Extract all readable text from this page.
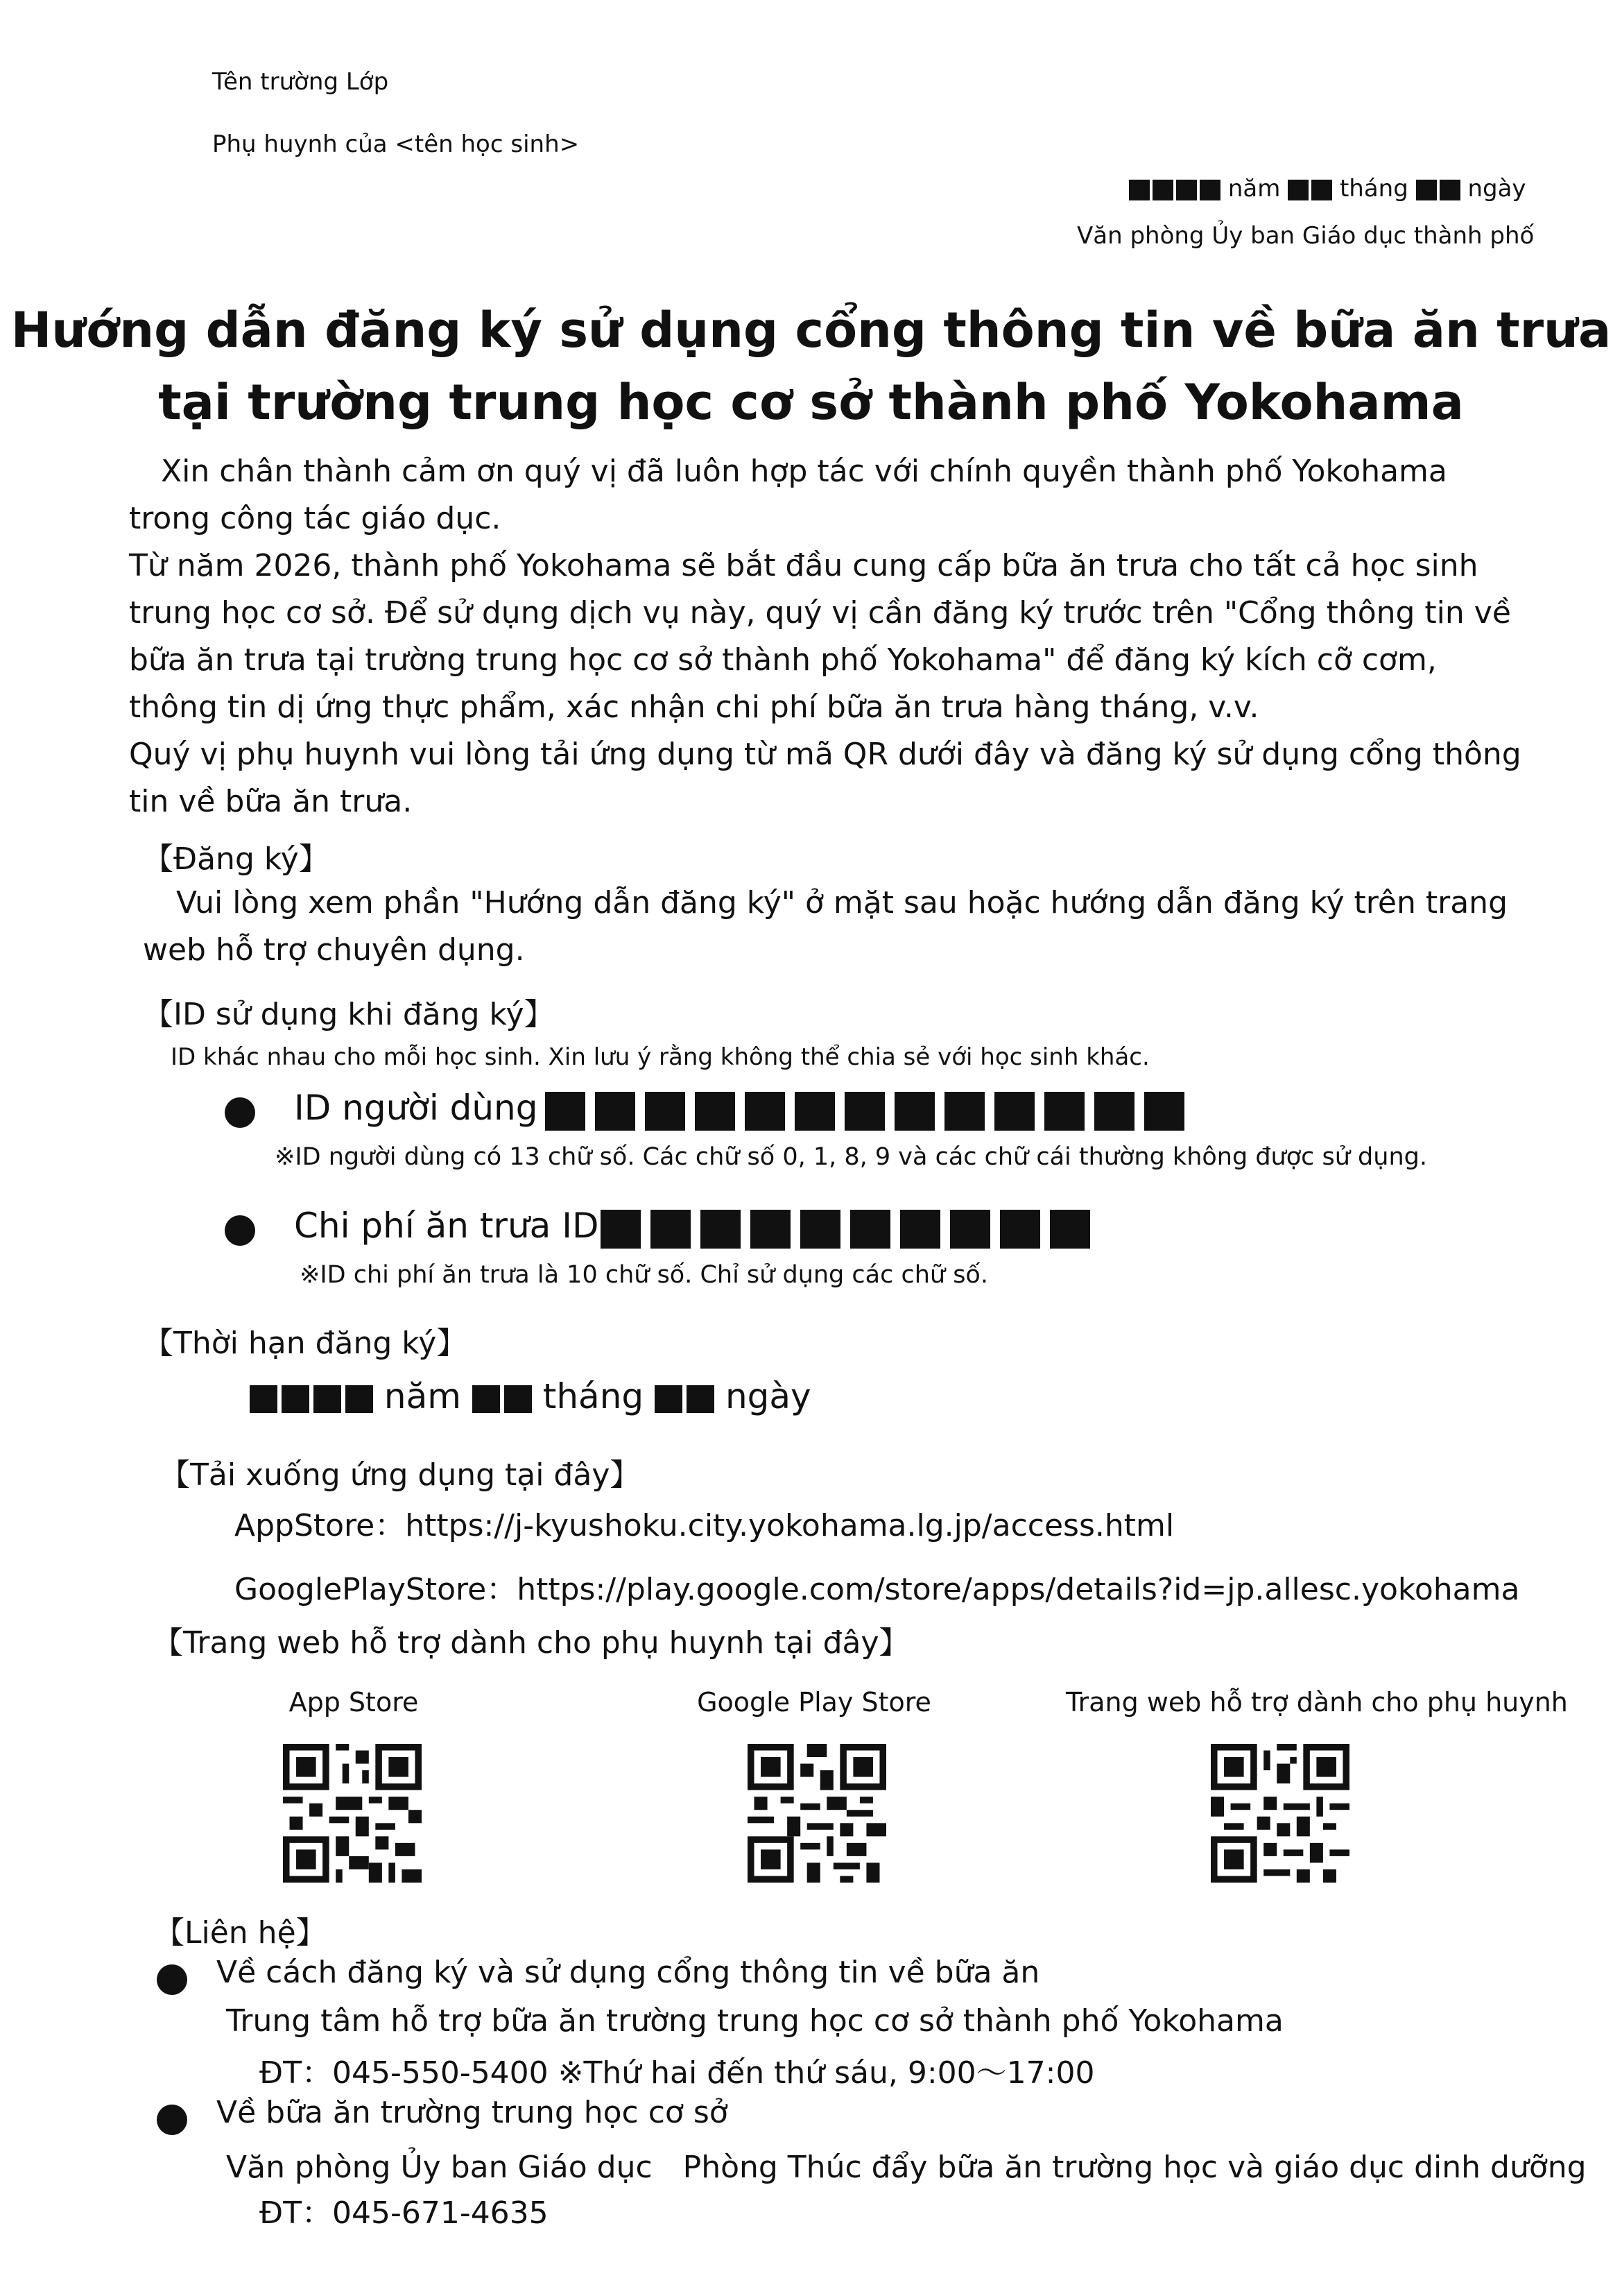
Tên trường Lớp
Phụ huynh của <tên học sinh>
năm	tháng	ngày
Văn phòng Ủy ban Giáo dục thành phố
Hướng dẫn đăng ký sử dụng cổng thông tin về bữa ăn trưa
tại trường trung học cơ sở thành phố Yokohama
Xin chân thành cảm ơn quý vị đã luôn hợp tác với chính quyền thành phố Yokohama
trong công tác giáo dục.
Từ năm 2026, thành phố Yokohama sẽ bắt đầu cung cấp bữa ăn trưa cho tất cả học sinh
trung học cơ sở. Để sử dụng dịch vụ này, quý vị cần đăng ký trước trên "Cổng thông tin về
bữa ăn trưa tại trường trung học cơ sở thành phố Yokohama" để đăng ký kích cỡ cơm,
thông tin dị ứng thực phẩm, xác nhận chi phí bữa ăn trưa hàng tháng, v.v.
Quý vị phụ huynh vui lòng tải ứng dụng từ mã QR dưới đây và đăng ký sử dụng cổng thông
tin về bữa ăn trưa.
【Đăng ký】
Vui lòng xem phần "Hướng dẫn đăng ký" ở mặt sau hoặc hướng dẫn đăng ký trên trang
web hỗ trợ chuyên dụng.
【ID sử dụng khi đăng ký】
ID khác nhau cho mỗi học sinh. Xin lưu ý rằng không thể chia sẻ với học sinh khác.
ID người dùng
※ID người dùng có 13 chữ số. Các chữ số 0, 1, 8, 9 và các chữ cái thường không được sử dụng.
Chi phí ăn trưa ID
※ID chi phí ăn trưa là 10 chữ số. Chỉ sử dụng các chữ số.
【Thời hạn đăng ký】
năm tháng ngày
【Tải xuống ứng dụng tại đây】
AppStore：https://j-kyushoku.city.yokohama.lg.jp/access.html
GooglePlayStore：https://play.google.com/store/apps/details?id=jp.allesc.yokohama
【Trang web hỗ trợ dành cho phụ huynh tại đây】
App Store	Google Play Store	Trang web hỗ trợ dành cho phụ huynh
【Liên hệ】
Về cách đăng ký và sử dụng cổng thông tin về bữa ăn
Trung tâm hỗ trợ bữa ăn trường trung học cơ sở thành phố Yokohama
ĐT：045-550-5400 ※Thứ hai đến thứ sáu, 9:00〜17:00
Về bữa ăn trường trung học cơ sở
Văn phòng Ủy ban Giáo dục　Phòng Thúc đẩy bữa ăn trường học và giáo dục dinh dưỡng
ĐT：045-671-4635
